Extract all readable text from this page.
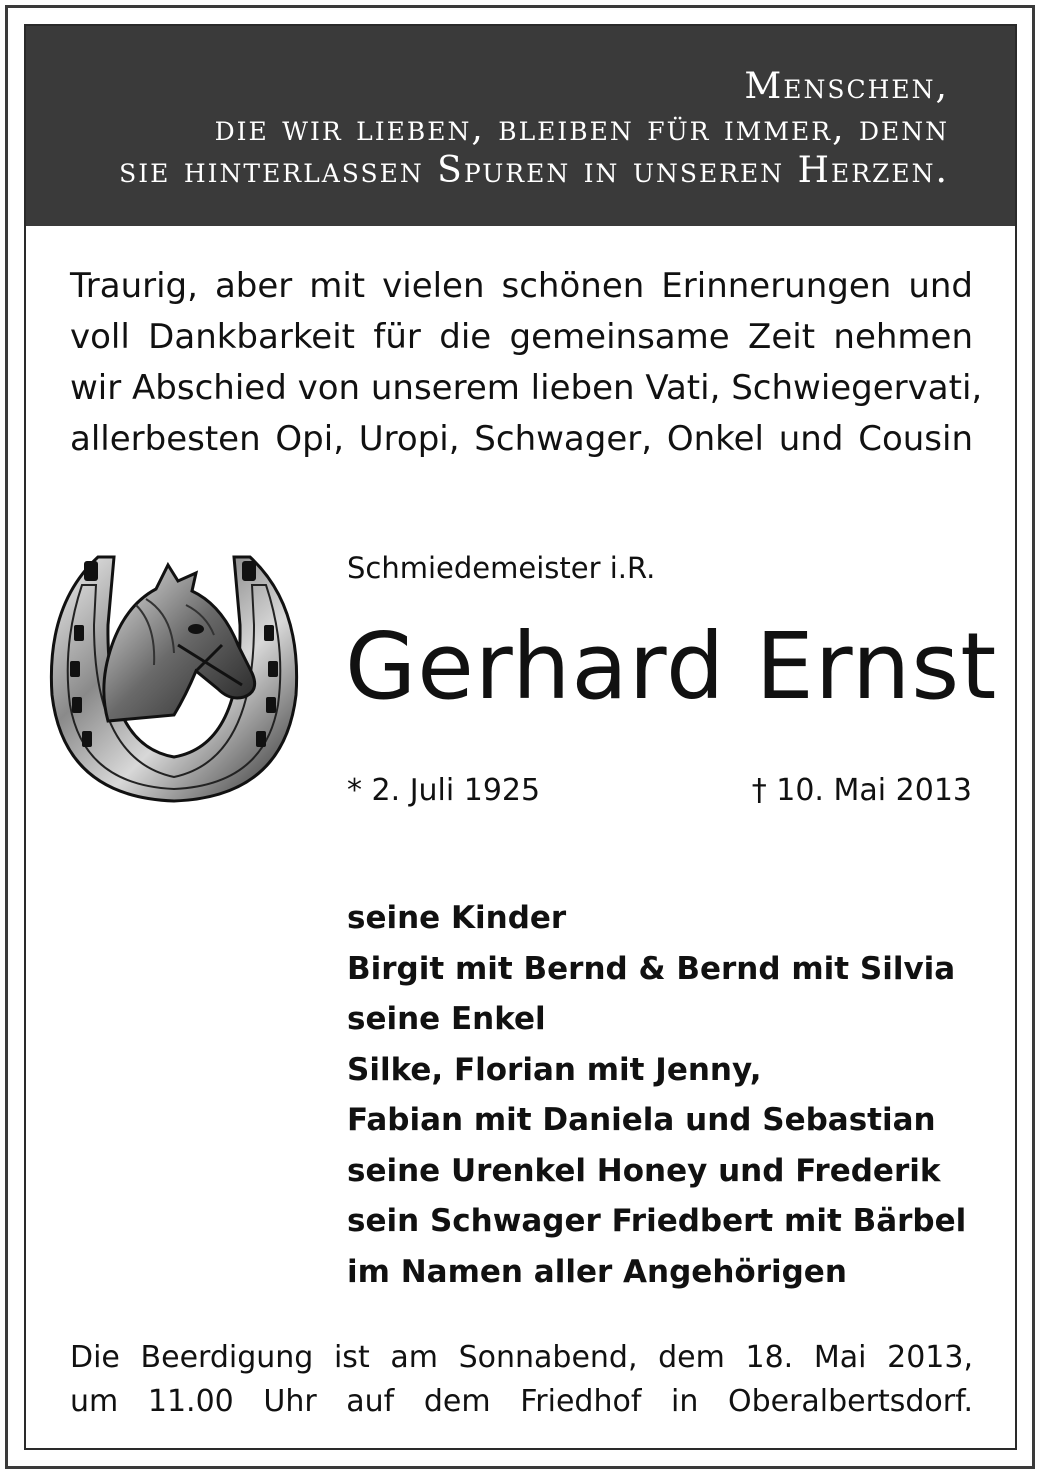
Menschen,
die wir lieben, bleiben für immer, denn
sie hinterlassen Spuren in unseren Herzen.
Traurig, aber mit vielen schönen Erinnerungen und
voll Dankbarkeit für die gemeinsame Zeit nehmen
wir Abschied von unserem lieben Vati, Schwiegervati,
allerbesten Opi, Uropi, Schwager, Onkel und Cousin
Schmiedemeister i.R.
Gerhard Ernst
* 2. Juli 1925	† 10. Mai 2013
seine Kinder
Birgit mit Bernd & Bernd mit Silvia
seine Enkel
Silke, Florian mit Jenny,
Fabian mit Daniela und Sebastian
seine Urenkel Honey und Frederik
sein Schwager Friedbert mit Bärbel
im Namen aller Angehörigen
Die Beerdigung ist am Sonnabend, dem 18. Mai 2013,
um 11.00 Uhr auf dem Friedhof in Oberalbertsdorf.
